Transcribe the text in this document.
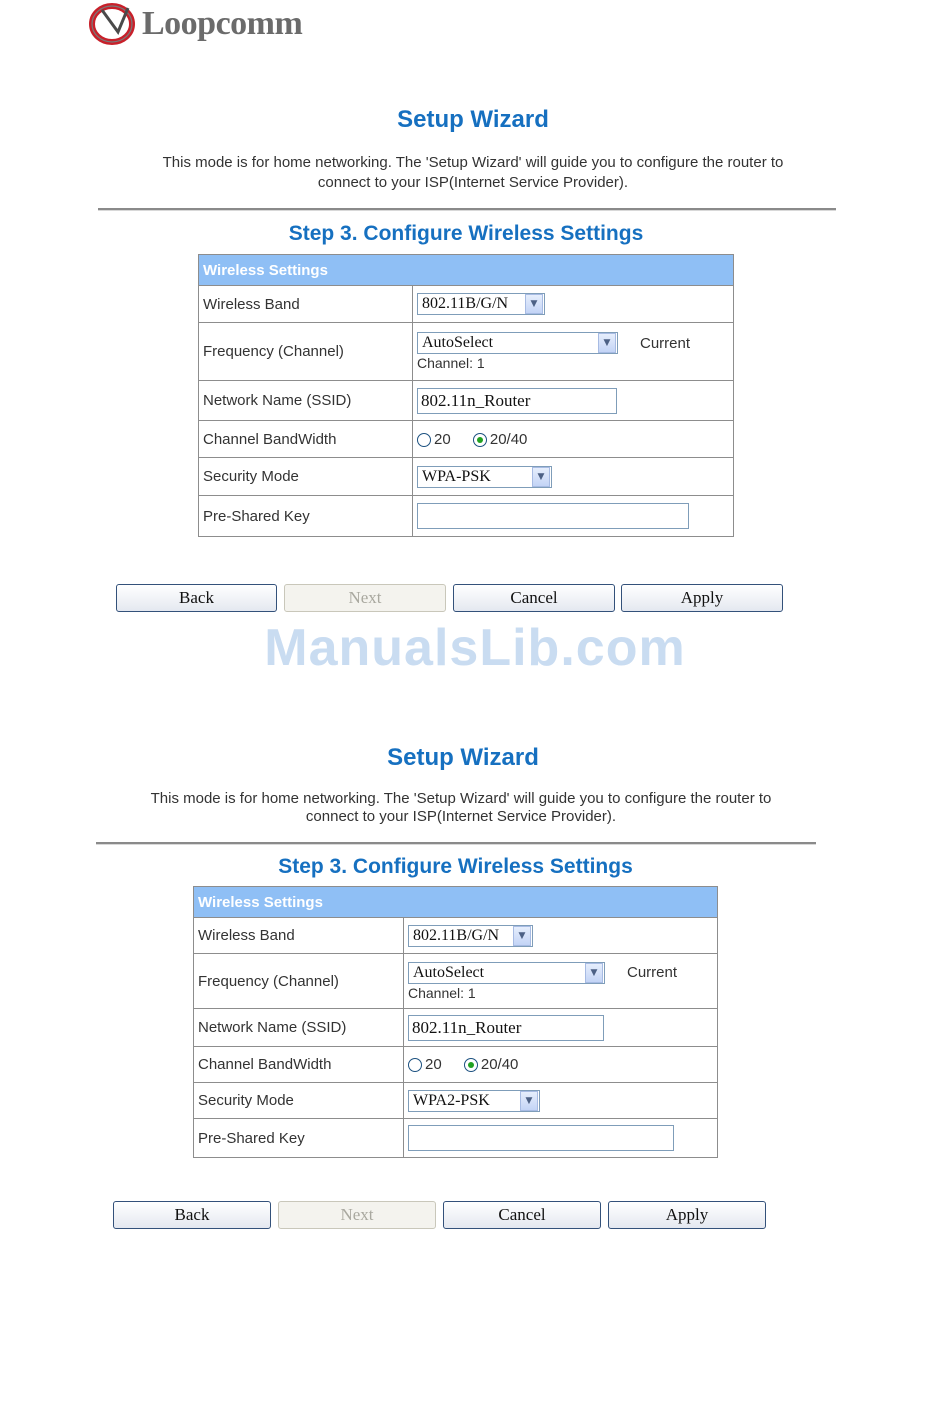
Loopcomm
Setup Wizard
This mode is for home networking. The 'Setup Wizard' will guide you to configure the router to
connect to your ISP(Internet Service Provider).
Step 3. Configure Wireless Settings
Wireless Settings	
Wireless Band	802.11B/G/N ▼

Frequency (Channel)	AutoSelect ▼ Current
Channel: 1

Network Name (SSID)	802.11n_Router
Channel BandWidth	20 20/40
Security Mode	WPA-PSK ▼

Pre-Shared Key	
Back	Next	Cancel	Apply
ManualsLib.com
Setup Wizard
This mode is for home networking. The 'Setup Wizard' will guide you to configure the router to
connect to your ISP(Internet Service Provider).
Step 3. Configure Wireless Settings
Wireless Settings	
Wireless Band	802.11B/G/N ▼

Frequency (Channel)	AutoSelect ▼ Current
Channel: 1

Network Name (SSID)	802.11n_Router
Channel BandWidth	20 20/40
Security Mode	WPA2-PSK ▼

Pre-Shared Key	
Back	Next	Cancel	Apply
